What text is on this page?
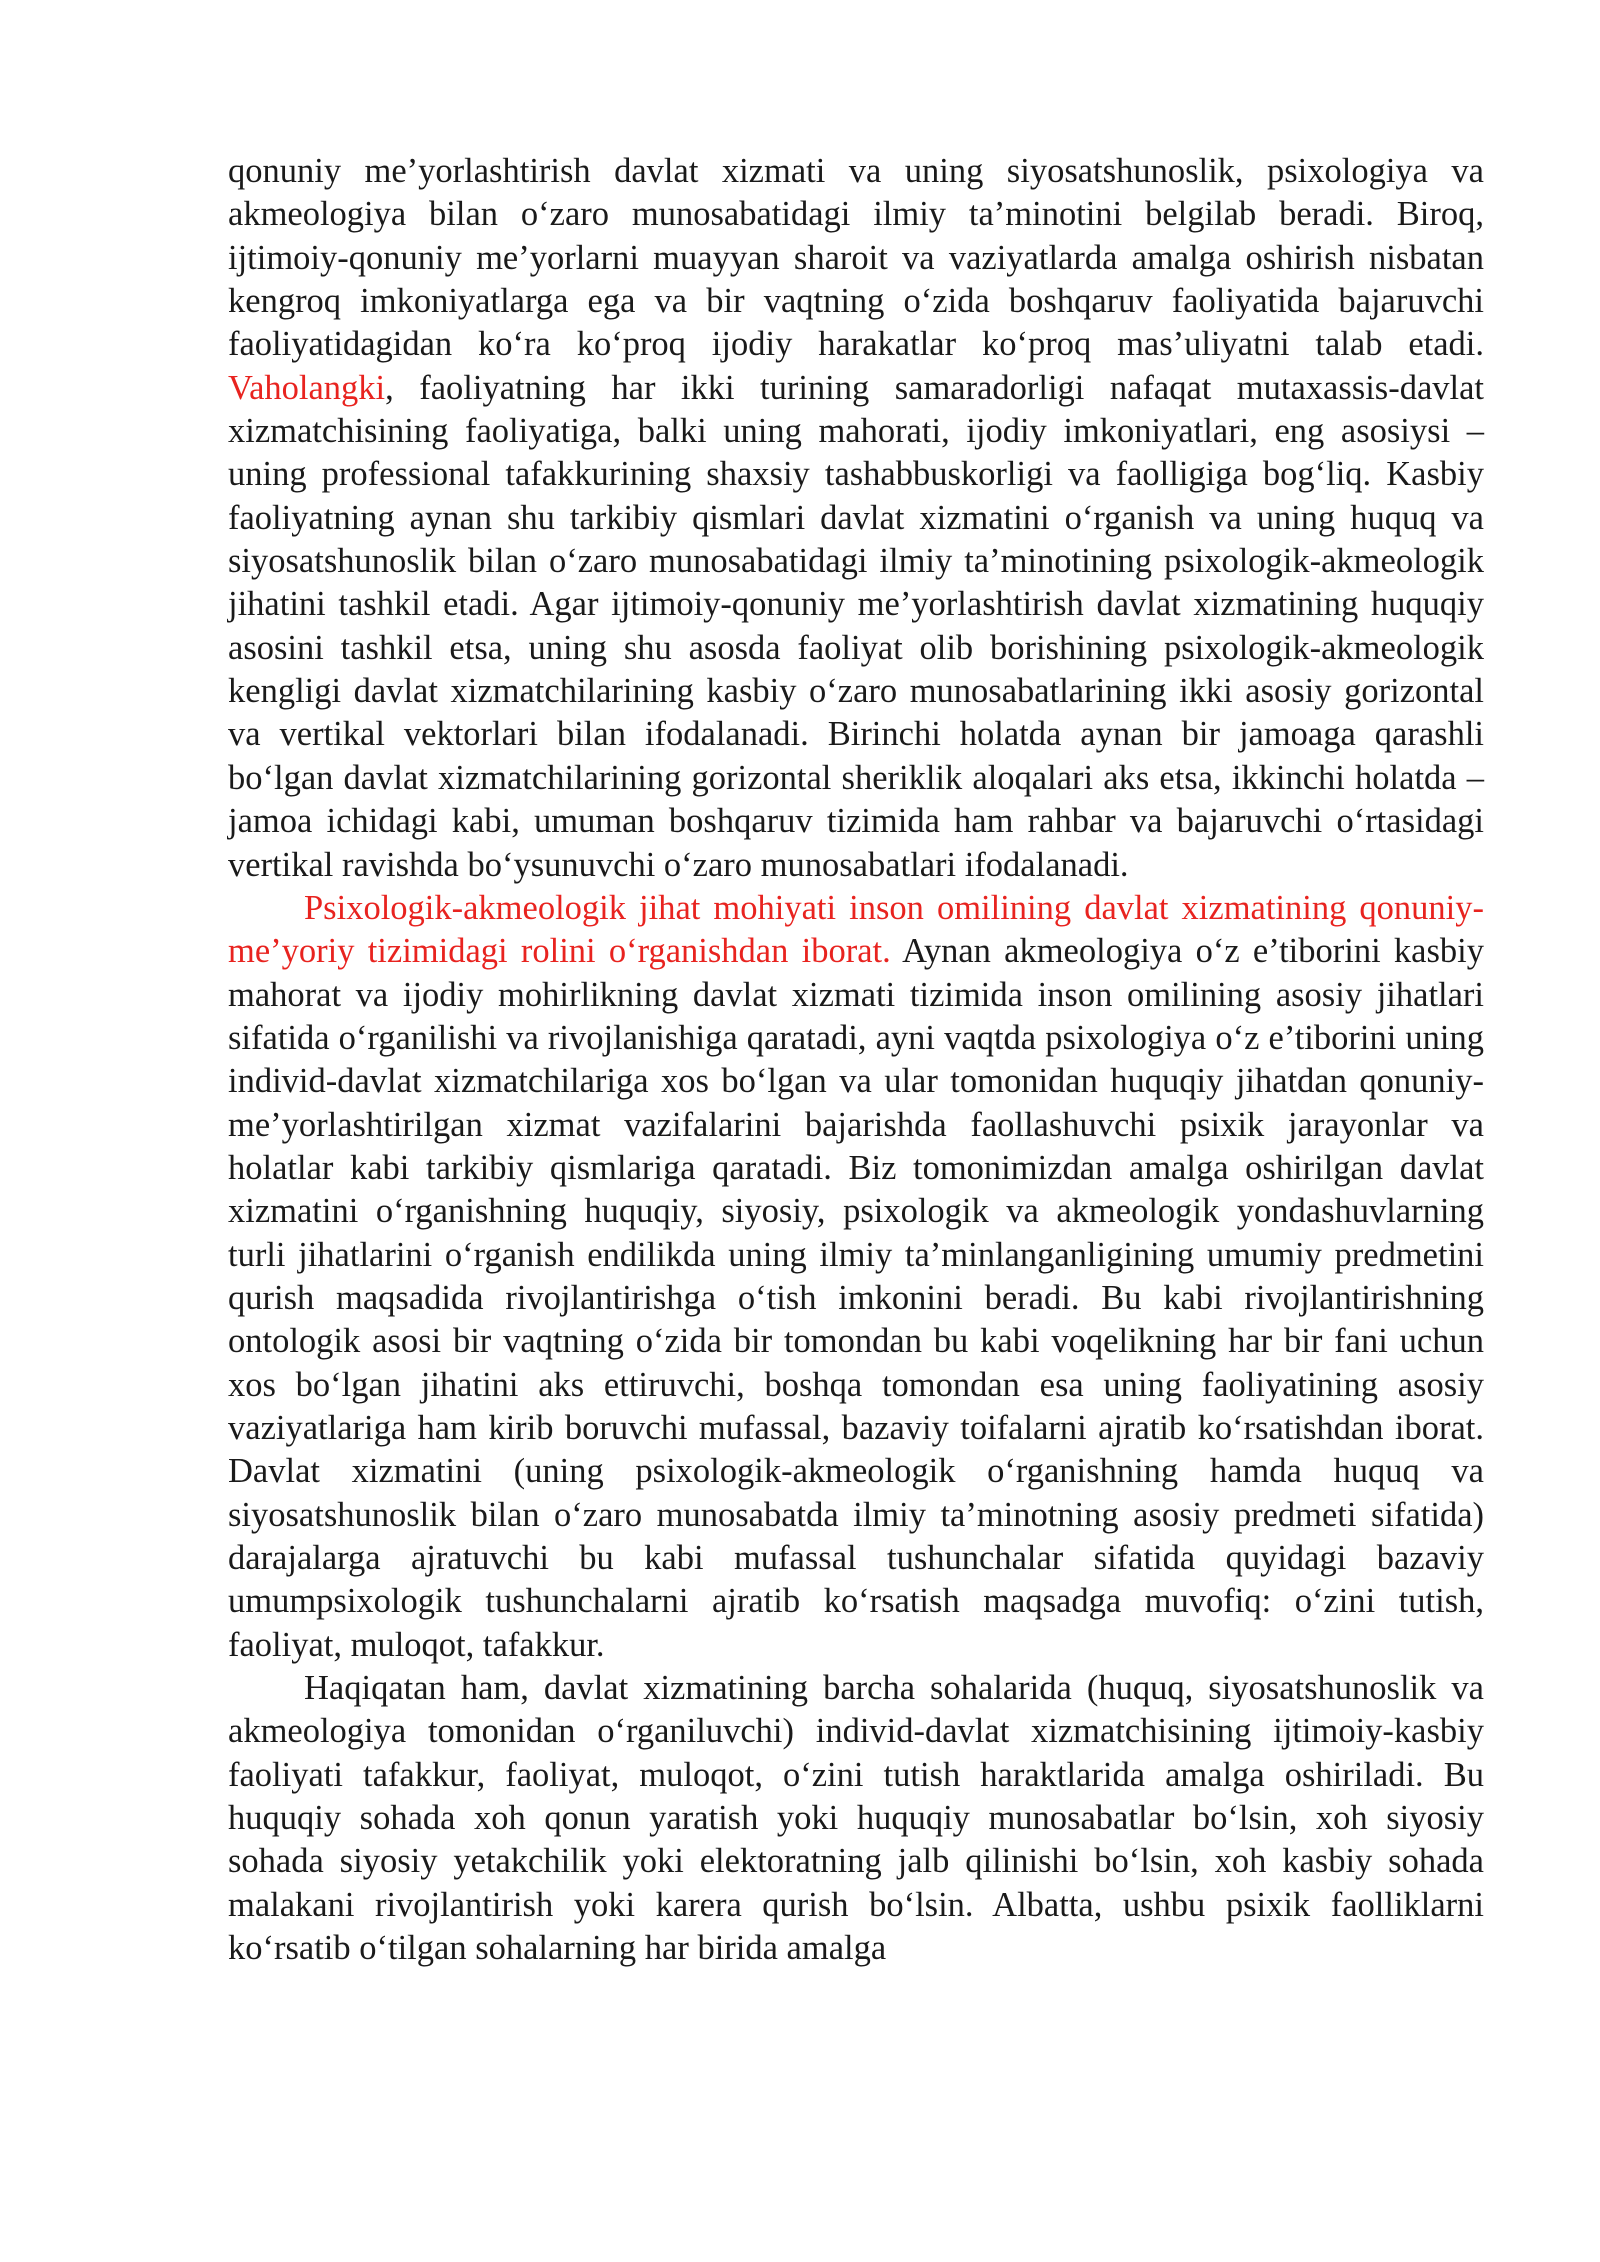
qonuniy me’yorlashtirish davlat xizmati va uning siyosatshunoslik, psixologiya va akmeologiya bilan o‘zaro munosabatidagi ilmiy ta’minotini belgilab beradi. Biroq, ijtimoiy-qonuniy me’yorlarni muayyan sharoit va vaziyatlarda amalga oshirish nisbatan kengroq imkoniyatlarga ega va bir vaqtning o‘zida boshqaruv faoliyatida bajaruvchi faoliyatidagidan ko‘ra ko‘proq ijodiy harakatlar ko‘proq mas’uliyatni talab etadi. Vaholangki, faoliyatning har ikki turining samaradorligi nafaqat mutaxassis-davlat xizmatchisining faoliyatiga, balki uning mahorati, ijodiy imkoniyatlari, eng asosiysi – uning professional tafakkurining shaxsiy tashabbuskorligi va faolligiga bog‘liq. Kasbiy faoliyatning aynan shu tarkibiy qismlari davlat xizmatini o‘rganish va uning huquq va siyosatshunoslik bilan o‘zaro munosabatidagi ilmiy ta’minotining psixologik-akmeologik jihatini tashkil etadi. Agar ijtimoiy-qonuniy me’yorlashtirish davlat xizmatining huquqiy asosini tashkil etsa, uning shu asosda faoliyat olib borishining psixologik-akmeologik kengligi davlat xizmatchilarining kasbiy o‘zaro munosabatlarining ikki asosiy gorizontal va vertikal vektorlari bilan ifodalanadi. Birinchi holatda aynan bir jamoaga qarashli bo‘lgan davlat xizmatchilarining gorizontal sheriklik aloqalari aks etsa, ikkinchi holatda – jamoa ichidagi kabi, umuman boshqaruv tizimida ham rahbar va bajaruvchi o‘rtasidagi vertikal ravishda bo‘ysunuvchi o‘zaro munosabatlari ifodalanadi.

Psixologik-akmeologik jihat mohiyati inson omilining davlat xizmatining qonuniy-me’yoriy tizimidagi rolini o‘rganishdan iborat. Aynan akmeologiya o‘z e’tiborini kasbiy mahorat va ijodiy mohirlikning davlat xizmati tizimida inson omilining asosiy jihatlari sifatida o‘rganilishi va rivojlanishiga qaratadi, ayni vaqtda psixologiya o‘z e’tiborini uning individ-davlat xizmatchilariga xos bo‘lgan va ular tomonidan huquqiy jihatdan qonuniy-me’yorlashtirilgan xizmat vazifalarini bajarishda faollashuvchi psixik jarayonlar va holatlar kabi tarkibiy qismlariga qaratadi. Biz tomonimizdan amalga oshirilgan davlat xizmatini o‘rganishning huquqiy, siyosiy, psixologik va akmeologik yondashuvlarning turli jihatlarini o‘rganish endilikda uning ilmiy ta’minlanganligining umumiy predmetini qurish maqsadida rivojlantirishga o‘tish imkonini beradi. Bu kabi rivojlantirishning ontologik asosi bir vaqtning o‘zida bir tomondan bu kabi voqelikning har bir fani uchun xos bo‘lgan jihatini aks ettiruvchi, boshqa tomondan esa uning faoliyatining asosiy vaziyatlariga ham kirib boruvchi mufassal, bazaviy toifalarni ajratib ko‘rsatishdan iborat. Davlat xizmatini (uning psixologik-akmeologik o‘rganishning hamda huquq va siyosatshunoslik bilan o‘zaro munosabatda ilmiy ta’minotning asosiy predmeti sifatida) darajalarga ajratuvchi bu kabi mufassal tushunchalar sifatida quyidagi bazaviy umumpsixologik tushunchalarni ajratib ko‘rsatish maqsadga muvofiq: o‘zini tutish, faoliyat, muloqot, tafakkur.

Haqiqatan ham, davlat xizmatining barcha sohalarida (huquq, siyosatshunoslik va akmeologiya tomonidan o‘rganiluvchi) individ-davlat xizmatchisining ijtimoiy-kasbiy faoliyati tafakkur, faoliyat, muloqot, o‘zini tutish haraktlarida amalga oshiriladi. Bu huquqiy sohada xoh qonun yaratish yoki huquqiy munosabatlar bo‘lsin, xoh siyosiy sohada siyosiy yetakchilik yoki elektoratning jalb qilinishi bo‘lsin, xoh kasbiy sohada malakani rivojlantirish yoki karera qurish bo‘lsin. Albatta, ushbu psixik faolliklarni ko‘rsatib o‘tilgan sohalarning har birida amalga
